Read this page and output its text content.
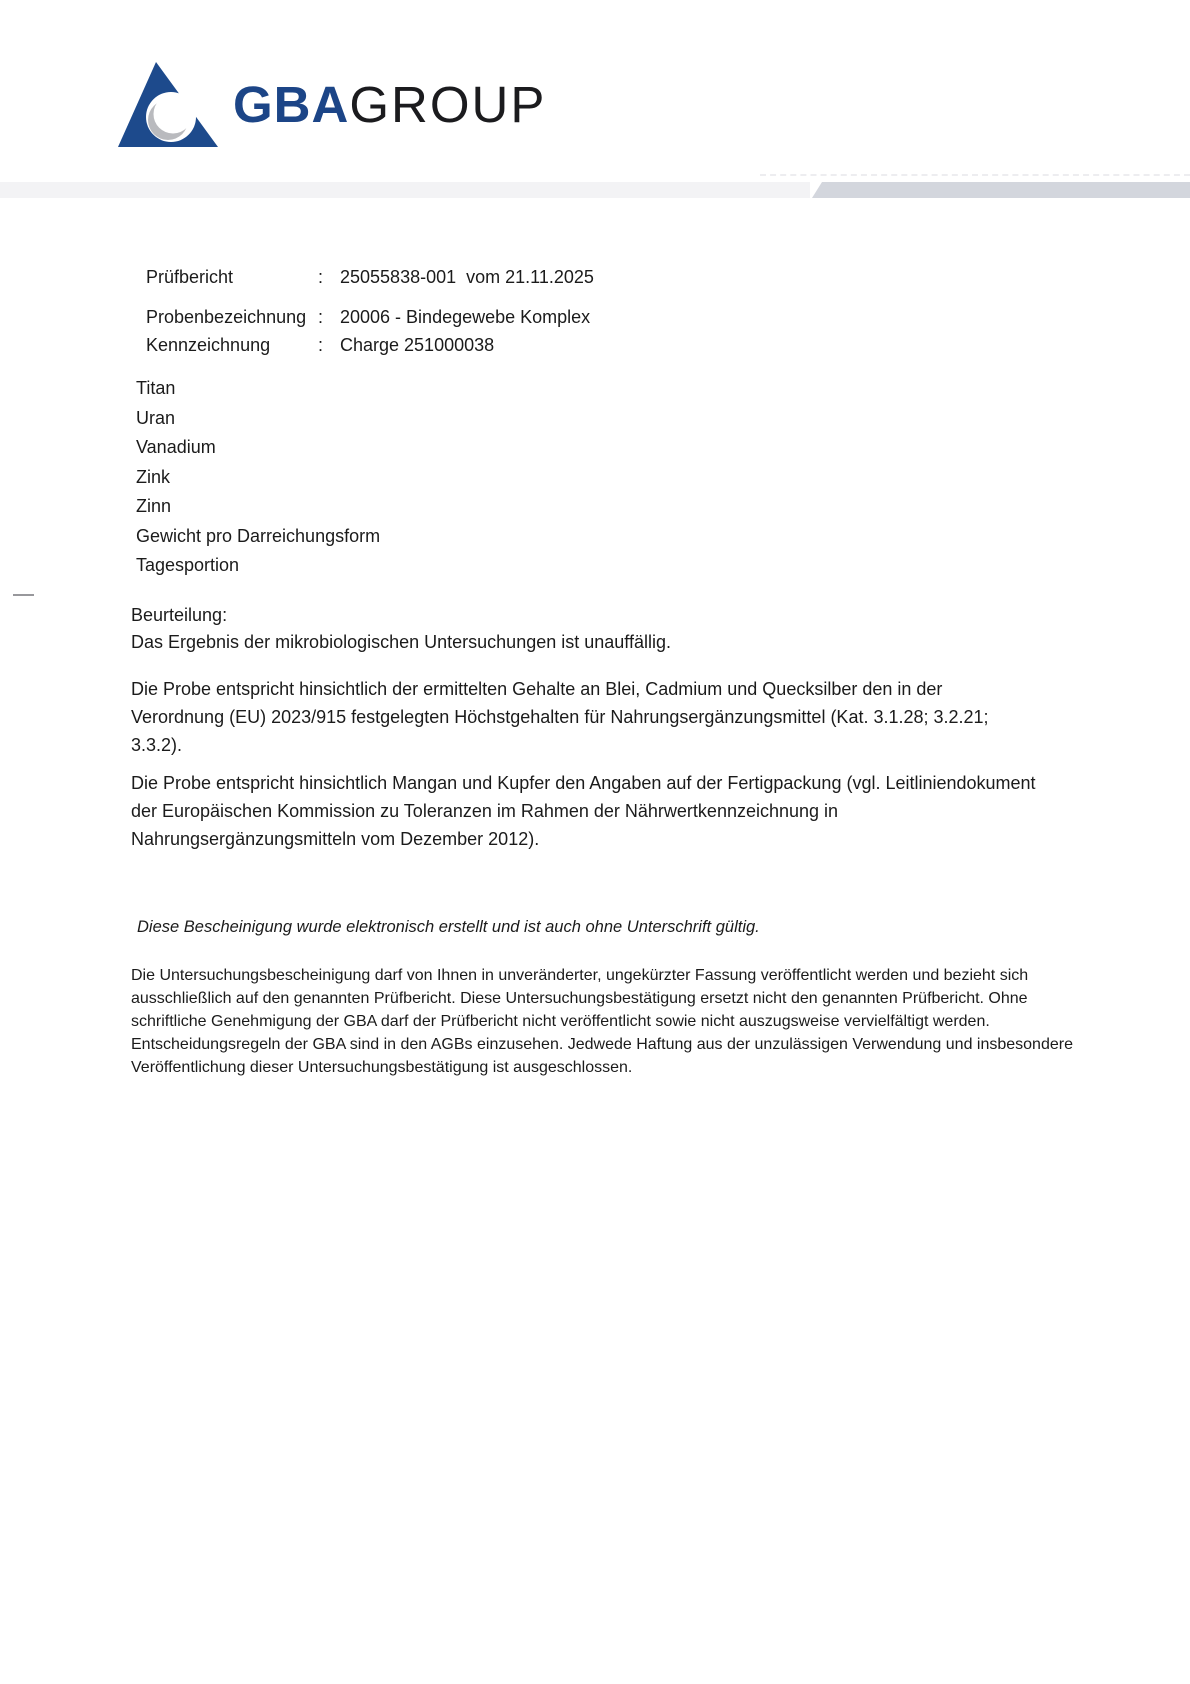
GBAGROUP
Prüfbericht	: 25055838-001  vom 21.11.2025
Probenbezeichnung : 20006 - Bindegewebe Komplex
Kennzeichnung	: Charge 251000038
Titan
Uran
Vanadium
Zink
Zinn
Gewicht pro Darreichungsform
Tagesportion
Beurteilung:
Das Ergebnis der mikrobiologischen Untersuchungen ist unauffällig.
Die Probe entspricht hinsichtlich der ermittelten Gehalte an Blei, Cadmium und Quecksilber den in der
Verordnung (EU) 2023/915 festgelegten Höchstgehalten für Nahrungsergänzungsmittel (Kat. 3.1.28; 3.2.21;
3.3.2).
Die Probe entspricht hinsichtlich Mangan und Kupfer den Angaben auf der Fertigpackung (vgl. Leitliniendokument
der Europäischen Kommission zu Toleranzen im Rahmen der Nährwertkennzeichnung in
Nahrungsergänzungsmitteln vom Dezember 2012).
Diese Bescheinigung wurde elektronisch erstellt und ist auch ohne Unterschrift gültig.
Die Untersuchungsbescheinigung darf von Ihnen in unveränderter, ungekürzter Fassung veröffentlicht werden und bezieht sich
ausschließlich auf den genannten Prüfbericht. Diese Untersuchungsbestätigung ersetzt nicht den genannten Prüfbericht. Ohne
schriftliche Genehmigung der GBA darf der Prüfbericht nicht veröffentlicht sowie nicht auszugsweise vervielfältigt werden.
Entscheidungsregeln der GBA sind in den AGBs einzusehen. Jedwede Haftung aus der unzulässigen Verwendung und insbesondere
Veröffentlichung dieser Untersuchungsbestätigung ist ausgeschlossen.
